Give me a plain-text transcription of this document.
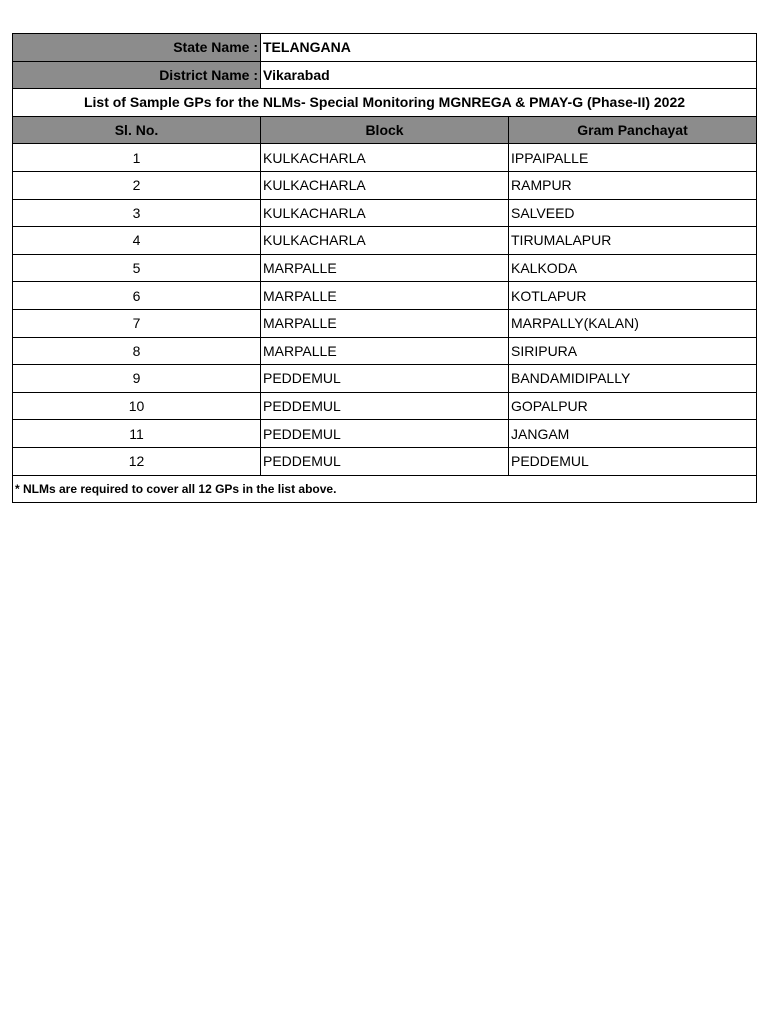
State Name :	TELANGANA	
District Name :	Vikarabad	
List of Sample GPs for the NLMs- Special Monitoring MGNREGA & PMAY-G (Phase-II) 2022		
Sl. No.	Block	Gram Panchayat
1	KULKACHARLA	IPPAIPALLE
2	KULKACHARLA	RAMPUR
3	KULKACHARLA	SALVEED
4	KULKACHARLA	TIRUMALAPUR
5	MARPALLE	KALKODA
6	MARPALLE	KOTLAPUR
7	MARPALLE	MARPALLY(KALAN)
8	MARPALLE	SIRIPURA
9	PEDDEMUL	BANDAMIDIPALLY
10	PEDDEMUL	GOPALPUR
11	PEDDEMUL	JANGAM
12	PEDDEMUL	PEDDEMUL
* NLMs are required to cover all 12 GPs in the list above.		
